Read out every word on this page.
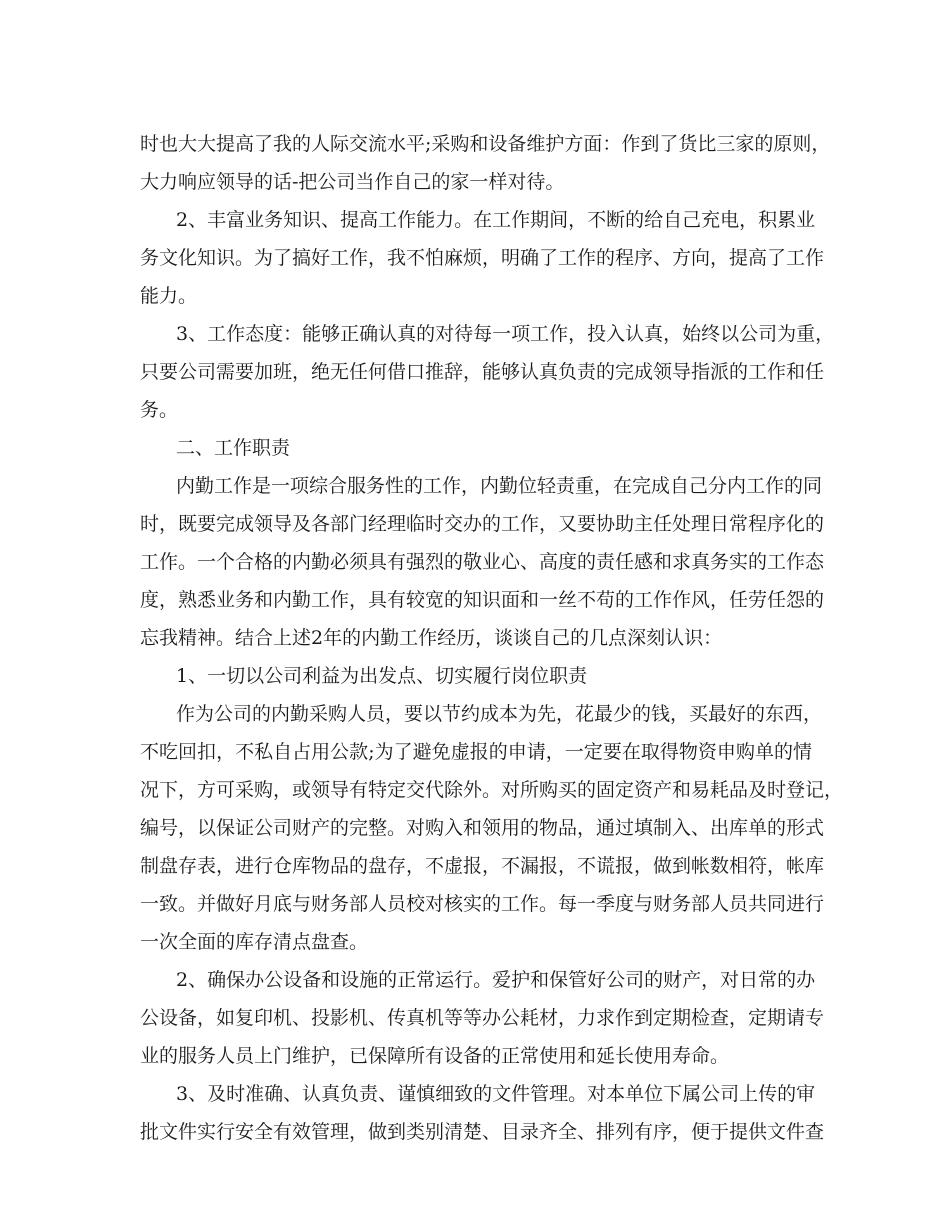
时也大大提高了我的人际交流水平;采购和设备维护方面：作到了货比三家的原则，
大力响应领导的话-把公司当作自己的家一样对待。
2、丰富业务知识、提高工作能力。在工作期间，不断的给自己充电，积累业
务文化知识。为了搞好工作，我不怕麻烦，明确了工作的程序、方向，提高了工作
能力。
3、工作态度：能够正确认真的对待每一项工作，投入认真，始终以公司为重，
只要公司需要加班，绝无任何借口推辞，能够认真负责的完成领导指派的工作和任
务。
二、工作职责
内勤工作是一项综合服务性的工作，内勤位轻责重，在完成自己分内工作的同
时，既要完成领导及各部门经理临时交办的工作，又要协助主任处理日常程序化的
工作。一个合格的内勤必须具有强烈的敬业心、高度的责任感和求真务实的工作态
度，熟悉业务和内勤工作，具有较宽的知识面和一丝不苟的工作作风，任劳任怨的
忘我精神。结合上述2年的内勤工作经历，谈谈自己的几点深刻认识：
1、一切以公司利益为出发点、切实履行岗位职责
作为公司的内勤采购人员，要以节约成本为先，花最少的钱，买最好的东西，
不吃回扣，不私自占用公款;为了避免虚报的申请，一定要在取得物资申购单的情
况下，方可采购，或领导有特定交代除外。对所购买的固定资产和易耗品及时登记，
编号，以保证公司财产的完整。对购入和领用的物品，通过填制入、出库单的形式
制盘存表，进行仓库物品的盘存，不虚报，不漏报，不谎报，做到帐数相符，帐库
一致。并做好月底与财务部人员校对核实的工作。每一季度与财务部人员共同进行
一次全面的库存清点盘查。
2、确保办公设备和设施的正常运行。爱护和保管好公司的财产，对日常的办
公设备，如复印机、投影机、传真机等等办公耗材，力求作到定期检查，定期请专
业的服务人员上门维护，已保障所有设备的正常使用和延长使用寿命。
3、及时准确、认真负责、谨慎细致的文件管理。对本单位下属公司上传的审
批文件实行安全有效管理，做到类别清楚、目录齐全、排列有序，便于提供文件查
